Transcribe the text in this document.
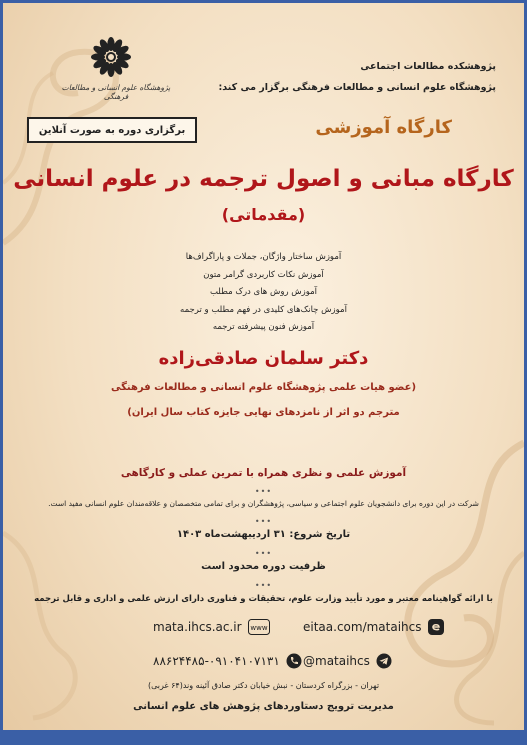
پژوهشگاه علوم انسانی و مطالعات فرهنگی
پژوهشکده مطالعات اجتماعی
پژوهشگاه علوم انسانی و مطالعات فرهنگی برگزار می کند:
برگزاری دوره به صورت آنلاین	کارگاه آموزشی
کارگاه مبانی و اصول ترجمه در علوم انسانی
(مقدماتی)
آموزش ساختار واژگان، جملات و پاراگراف‌ها
آموزش نکات کاربردی گرامر متون
آموزش روش های درک مطلب
آموزش چانک‌های کلیدی در فهم مطلب و ترجمه
آموزش فنون پیشرفته ترجمه
دکتر سلمان صادقی‌زاده
(عضو هیات علمی پژوهشگاه علوم انسانی و مطالعات فرهنگی
مترجم دو اثر از نامزدهای نهایی جایزه کتاب سال ایران)
آموزش علمی و نظری همراه با تمرین عملی و کارگاهی
•••
شرکت در این دوره برای دانشجویان علوم اجتماعی و سیاسی، پژوهشگران و برای تمامی متخصصان و علاقه‌مندان علوم انسانی مفید است.
•••
تاریخ شروع: ۳۱ اردیبهشت‌ماه ۱۴۰۳
•••
ظرفیت دوره محدود است
•••
با ارائه گواهینامه معتبر و مورد تأیید وزارت علوم، تحقیقات و فناوری دارای ارزش علمی و اداری و قابل ترجمه
mata.ihcs.ac.ir www	eitaa.com/mataihcs
۸۸۶۲۴۴۸۵-۰۹۱۰۴۱۰۷۱۳۱ @mataihcs
تهران - بزرگراه کردستان - نبش خیابان دکتر صادق آئینه وند(۶۴ غربی)
مدیریت ترویج دستاوردهای پژوهش های علوم انسانی
